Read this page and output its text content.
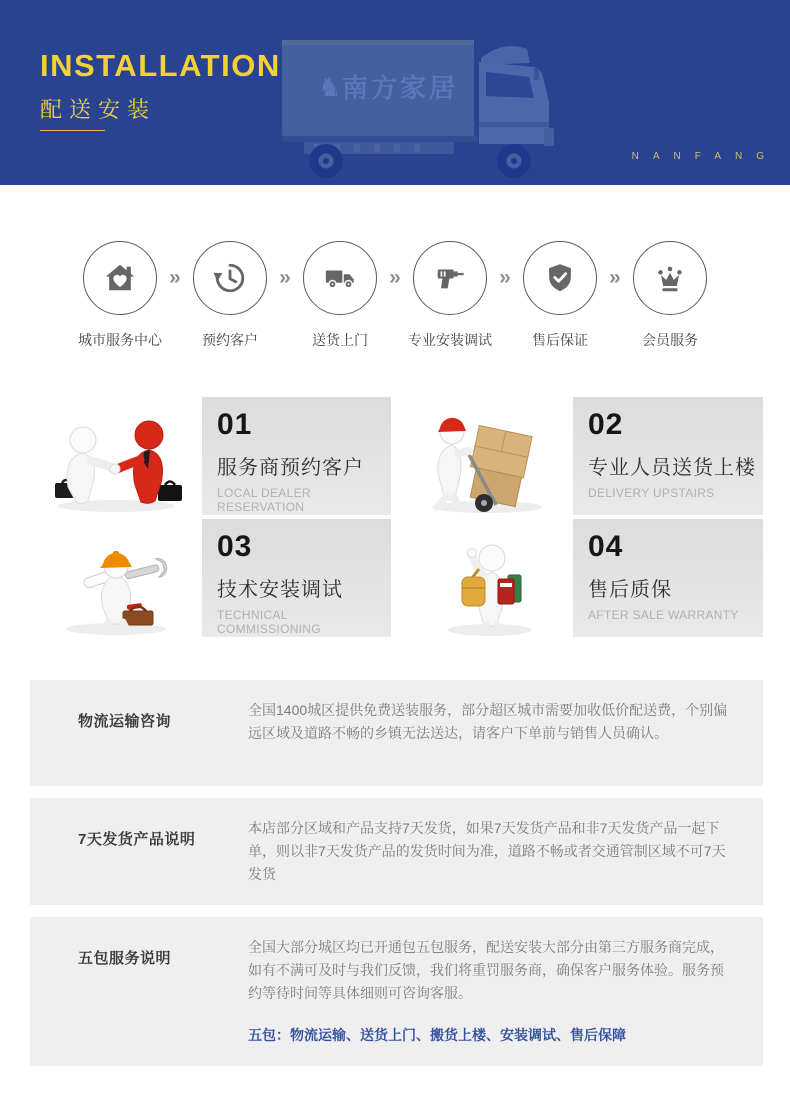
♞ 南方家居
INSTALLATION
配送安装
NANFANG
城市服务中心
»
预约客户
»
送货上门
»
专业安装调试
»
售后保证
»
会员服务
01
服务商预约客户
LOCAL DEALER RESERVATION
02
专业人员送货上楼
DELIVERY UPSTAIRS
03
技术安装调试
TECHNICAL COMMISSIONING
04
售后质保
AFTER SALE WARRANTY
物流运输咨询
全国1400城区提供免费送装服务，部分超区城市需要加收低价配送费，个别偏远区域及道路不畅的乡镇无法送达，请客户下单前与销售人员确认。
7天发货产品说明
本店部分区域和产品支持7天发货，如果7天发货产品和非7天发货产品一起下单，则以非7天发货产品的发货时间为准，道路不畅或者交通管制区域不可7天发货
五包服务说明
全国大部分城区均已开通包五包服务，配送安装大部分由第三方服务商完成，如有不满可及时与我们反馈，我们将重罚服务商，确保客户服务体验。服务预约等待时间等具体细则可咨询客服。
五包：物流运输、送货上门、搬货上楼、安装调试、售后保障
